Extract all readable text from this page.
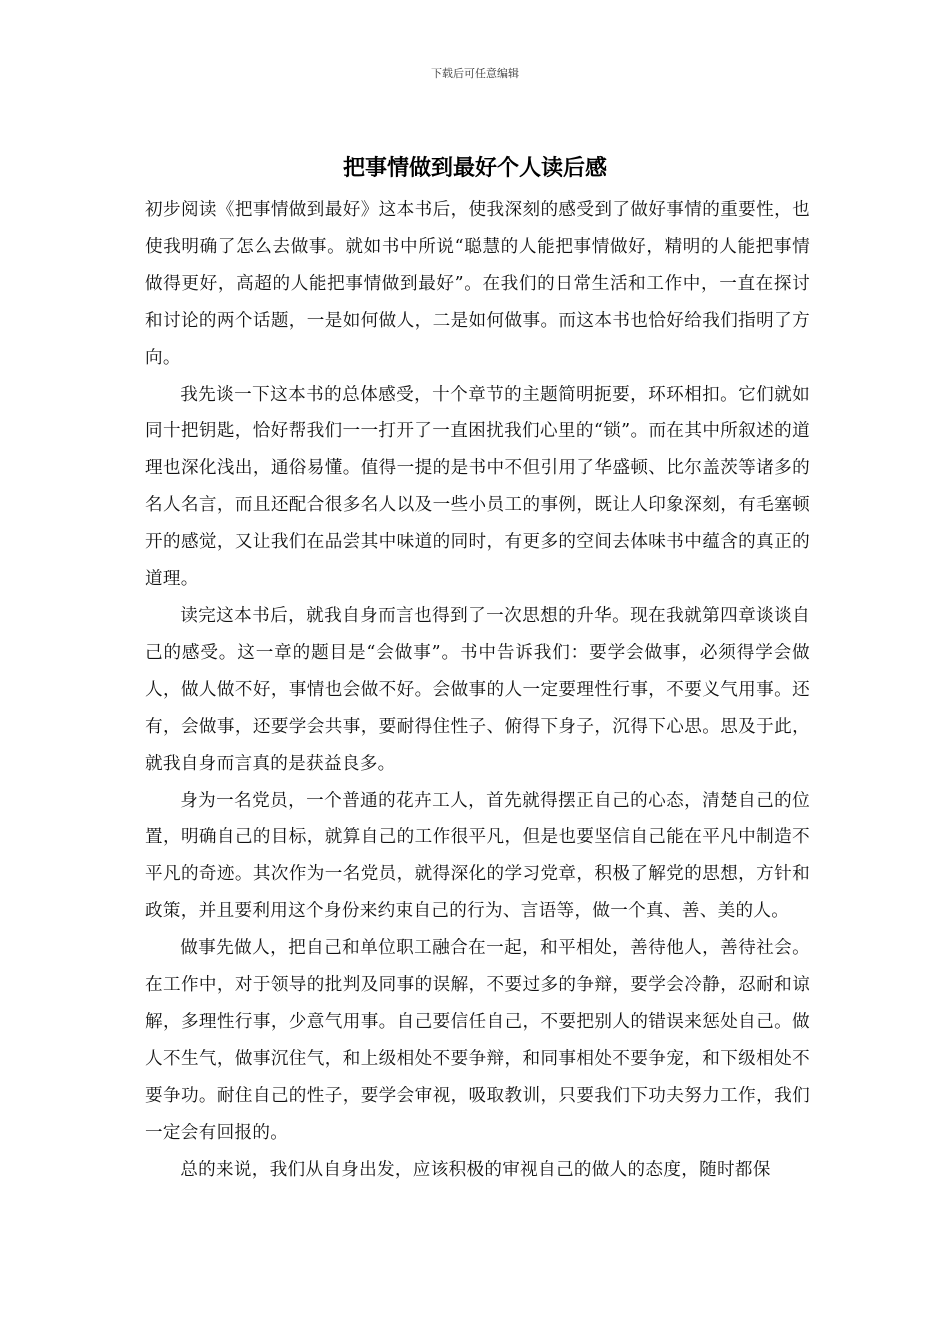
下载后可任意编辑
把事情做到最好个人读后感

初步阅读《把事情做到最好》这本书后，使我深刻的感受到了做好事情的重要性，也使我明确了怎么去做事。就如书中所说“聪慧的人能把事情做好，精明的人能把事情做得更好，高超的人能把事情做到最好”。在我们的日常生活和工作中，一直在探讨和讨论的两个话题，一是如何做人，二是如何做事。而这本书也恰好给我们指明了方向。

我先谈一下这本书的总体感受，十个章节的主题简明扼要，环环相扣。它们就如同十把钥匙，恰好帮我们一一打开了一直困扰我们心里的“锁”。而在其中所叙述的道理也深化浅出，通俗易懂。值得一提的是书中不但引用了华盛顿、比尔盖茨等诸多的名人名言，而且还配合很多名人以及一些小员工的事例，既让人印象深刻，有毛塞顿开的感觉，又让我们在品尝其中味道的同时，有更多的空间去体味书中蕴含的真正的道理。

读完这本书后，就我自身而言也得到了一次思想的升华。现在我就第四章谈谈自己的感受。这一章的题目是“会做事”。书中告诉我们：要学会做事，必须得学会做人，做人做不好，事情也会做不好。会做事的人一定要理性行事，不要义气用事。还有，会做事，还要学会共事，要耐得住性子、俯得下身子，沉得下心思。思及于此，就我自身而言真的是获益良多。

身为一名党员，一个普通的花卉工人，首先就得摆正自己的心态，清楚自己的位置，明确自己的目标，就算自己的工作很平凡，但是也要坚信自己能在平凡中制造不平凡的奇迹。其次作为一名党员，就得深化的学习党章，积极了解党的思想，方针和政策，并且要利用这个身份来约束自己的行为、言语等，做一个真、善、美的人。

做事先做人，把自己和单位职工融合在一起，和平相处，善待他人，善待社会。在工作中，对于领导的批判及同事的误解，不要过多的争辩，要学会冷静，忍耐和谅解，多理性行事，少意气用事。自己要信任自己，不要把别人的错误来惩处自己。做人不生气，做事沉住气，和上级相处不要争辩，和同事相处不要争宠，和下级相处不要争功。耐住自己的性子，要学会审视，吸取教训，只要我们下功夫努力工作，我们一定会有回报的。

总的来说，我们从自身出发，应该积极的审视自己的做人的态度，随时都保
